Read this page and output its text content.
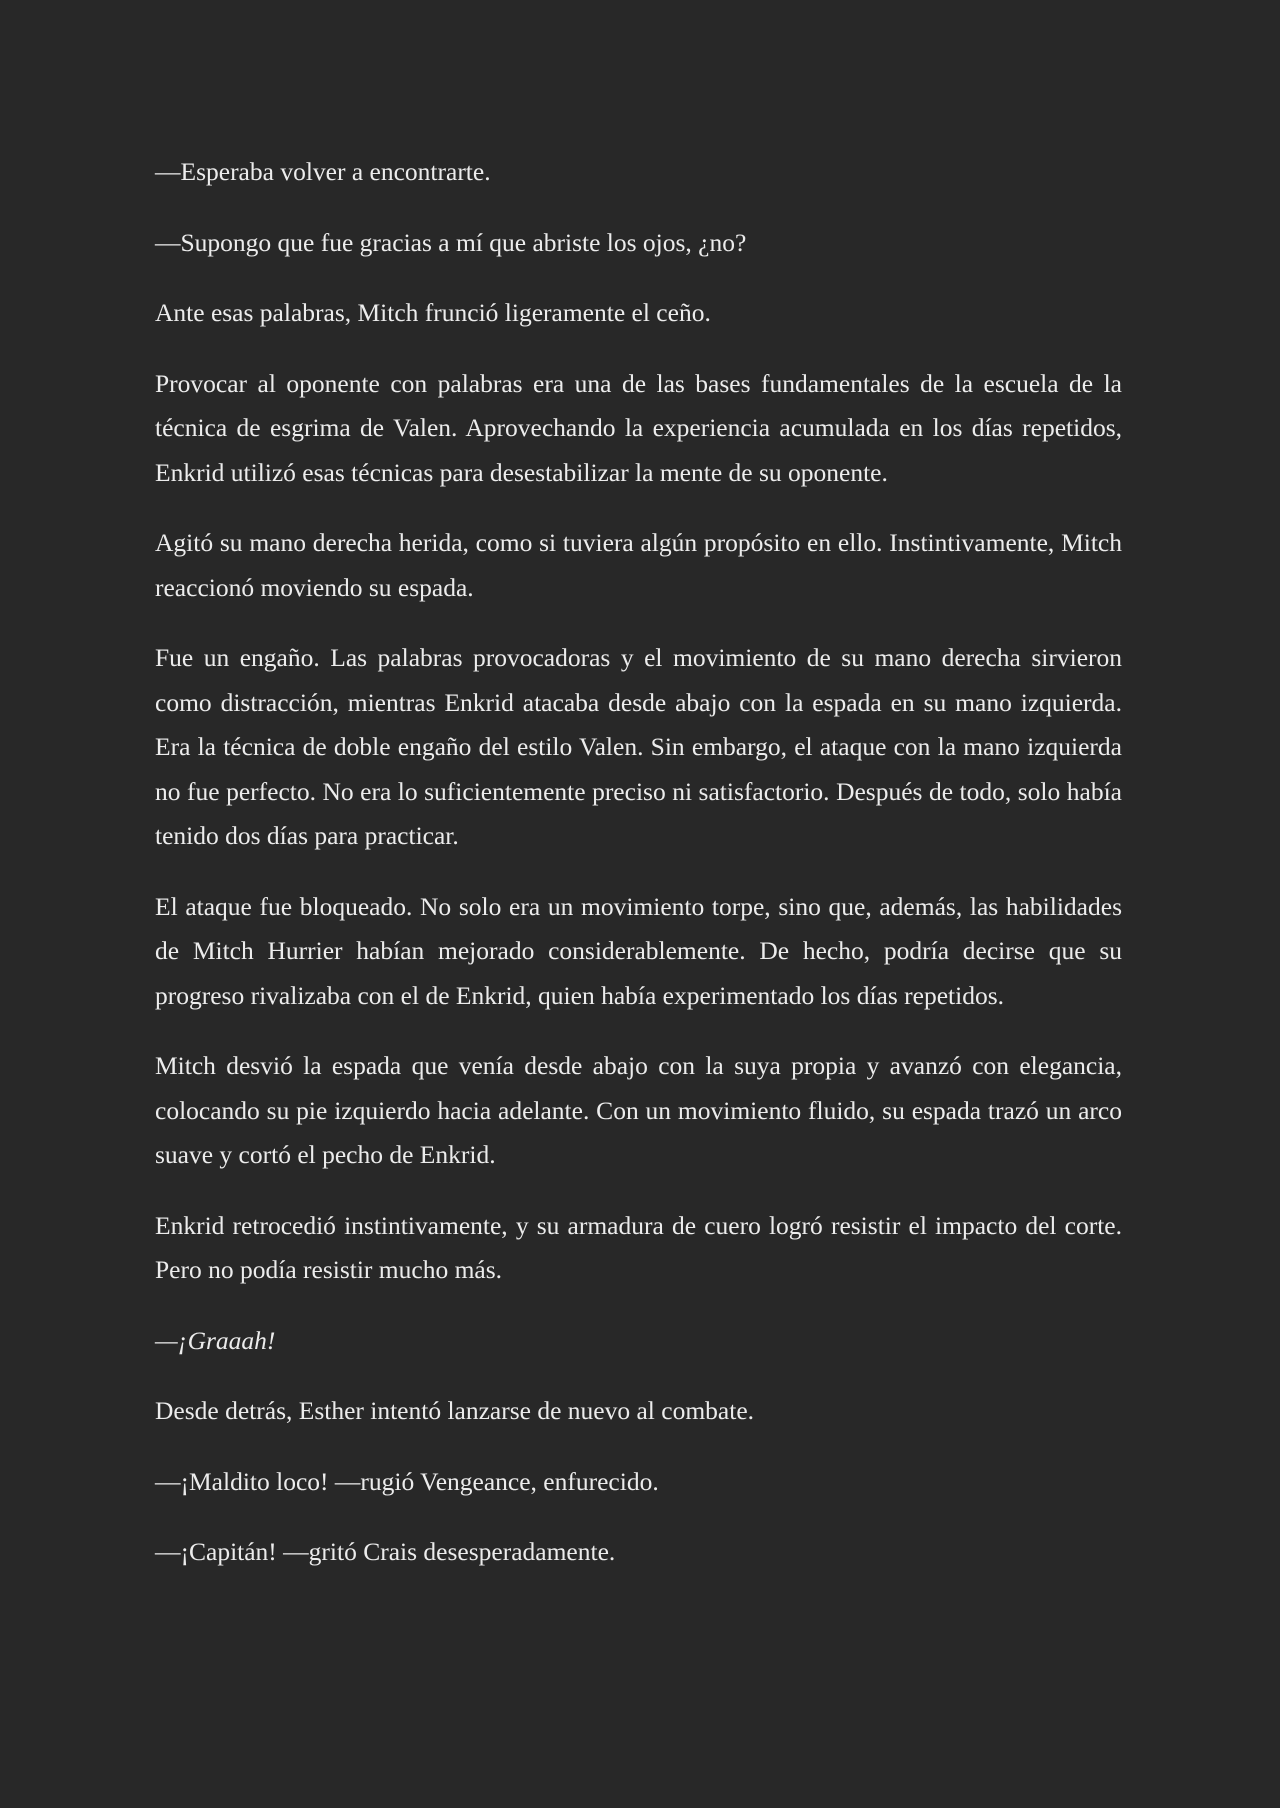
—Esperaba volver a encontrarte.

—Supongo que fue gracias a mí que abriste los ojos, ¿no?

Ante esas palabras, Mitch frunció ligeramente el ceño.

Provocar al oponente con palabras era una de las bases fundamentales de la escuela de la técnica de esgrima de Valen. Aprovechando la experiencia acumulada en los días repetidos, Enkrid utilizó esas técnicas para desestabilizar la mente de su oponente.

Agitó su mano derecha herida, como si tuviera algún propósito en ello. Instintivamente, Mitch reaccionó moviendo su espada.

Fue un engaño. Las palabras provocadoras y el movimiento de su mano derecha sirvieron como distracción, mientras Enkrid atacaba desde abajo con la espada en su mano izquierda. Era la técnica de doble engaño del estilo Valen. Sin embargo, el ataque con la mano izquierda no fue perfecto. No era lo suficientemente preciso ni satisfactorio. Después de todo, solo había tenido dos días para practicar.

El ataque fue bloqueado. No solo era un movimiento torpe, sino que, además, las habilidades de Mitch Hurrier habían mejorado considerablemente. De hecho, podría decirse que su progreso rivalizaba con el de Enkrid, quien había experimentado los días repetidos.

Mitch desvió la espada que venía desde abajo con la suya propia y avanzó con elegancia, colocando su pie izquierdo hacia adelante. Con un movimiento fluido, su espada trazó un arco suave y cortó el pecho de Enkrid.

Enkrid retrocedió instintivamente, y su armadura de cuero logró resistir el impacto del corte. Pero no podía resistir mucho más.

—¡Graaah!

Desde detrás, Esther intentó lanzarse de nuevo al combate.

—¡Maldito loco! —rugió Vengeance, enfurecido.

—¡Capitán! —gritó Crais desesperadamente.
